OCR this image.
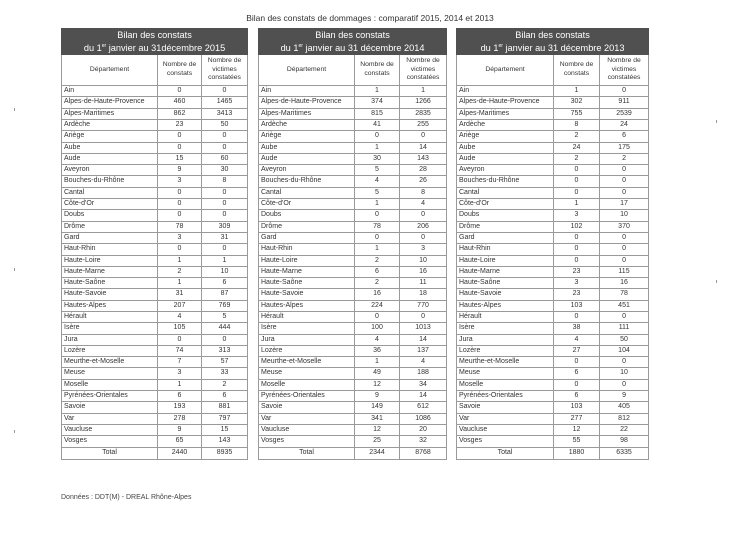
Bilan des constats de dommages : comparatif 2015, 2014 et 2013
Bilan des constats
du 1er janvier au 31décembre 2015		
Département	Nombre de constats	Nombre de victimes constatées
Ain	0	0
Alpes-de-Haute-Provence	460	1465
Alpes-Maritimes	862	3413
Ardèche	23	50
Ariège	0	0
Aube	0	0
Aude	15	60
Aveyron	9	30
Bouches-du-Rhône	3	8
Cantal	0	0
Côte-d'Or	0	0
Doubs	0	0
Drôme	78	309
Gard	3	31
Haut-Rhin	0	0
Haute-Loire	1	1
Haute-Marne	2	10
Haute-Saône	1	6
Haute-Savoie	31	87
Hautes-Alpes	207	769
Hérault	4	5
Isère	105	444
Jura	0	0
Lozère	74	313
Meurthe-et-Moselle	7	57
Meuse	3	33
Moselle	1	2
Pyrénées-Orientales	6	6
Savoie	193	881
Var	278	797
Vaucluse	9	15
Vosges	65	143
Total	2440	8935
Bilan des constats
du 1er janvier au 31 décembre 2014		
Département	Nombre de constats	Nombre de victimes constatées
Ain	1	1
Alpes-de-Haute-Provence	374	1266
Alpes-Maritimes	815	2835
Ardèche	41	255
Ariège	0	0
Aube	1	14
Aude	30	143
Aveyron	5	28
Bouches-du-Rhône	4	26
Cantal	5	8
Côte-d'Or	1	4
Doubs	0	0
Drôme	78	206
Gard	0	0
Haut-Rhin	1	3
Haute-Loire	2	10
Haute-Marne	6	16
Haute-Saône	2	11
Haute-Savoie	16	18
Hautes-Alpes	224	770
Hérault	0	0
Isère	100	1013
Jura	4	14
Lozère	36	137
Meurthe-et-Moselle	1	4
Meuse	49	188
Moselle	12	34
Pyrénées-Orientales	9	14
Savoie	149	612
Var	341	1086
Vaucluse	12	20
Vosges	25	32
Total	2344	8768
Bilan des constats
du 1er janvier au 31 décembre 2013		
Département	Nombre de constats	Nombre de victimes constatées
Ain	1	0
Alpes-de-Haute-Provence	302	911
Alpes-Maritimes	755	2539
Ardèche	8	24
Ariège	2	6
Aube	24	175
Aude	2	2
Aveyron	0	0
Bouches-du-Rhône	0	0
Cantal	0	0
Côte-d'Or	1	17
Doubs	3	10
Drôme	102	370
Gard	0	0
Haut-Rhin	0	0
Haute-Loire	0	0
Haute-Marne	23	115
Haute-Saône	3	16
Haute-Savoie	23	78
Hautes-Alpes	103	451
Hérault	0	0
Isère	38	111
Jura	4	50
Lozère	27	104
Meurthe-et-Moselle	0	0
Meuse	6	10
Moselle	0	0
Pyrénées-Orientales	6	9
Savoie	103	405
Var	277	812
Vaucluse	12	22
Vosges	55	98
Total	1880	6335
Données : DDT(M) - DREAL Rhône-Alpes
